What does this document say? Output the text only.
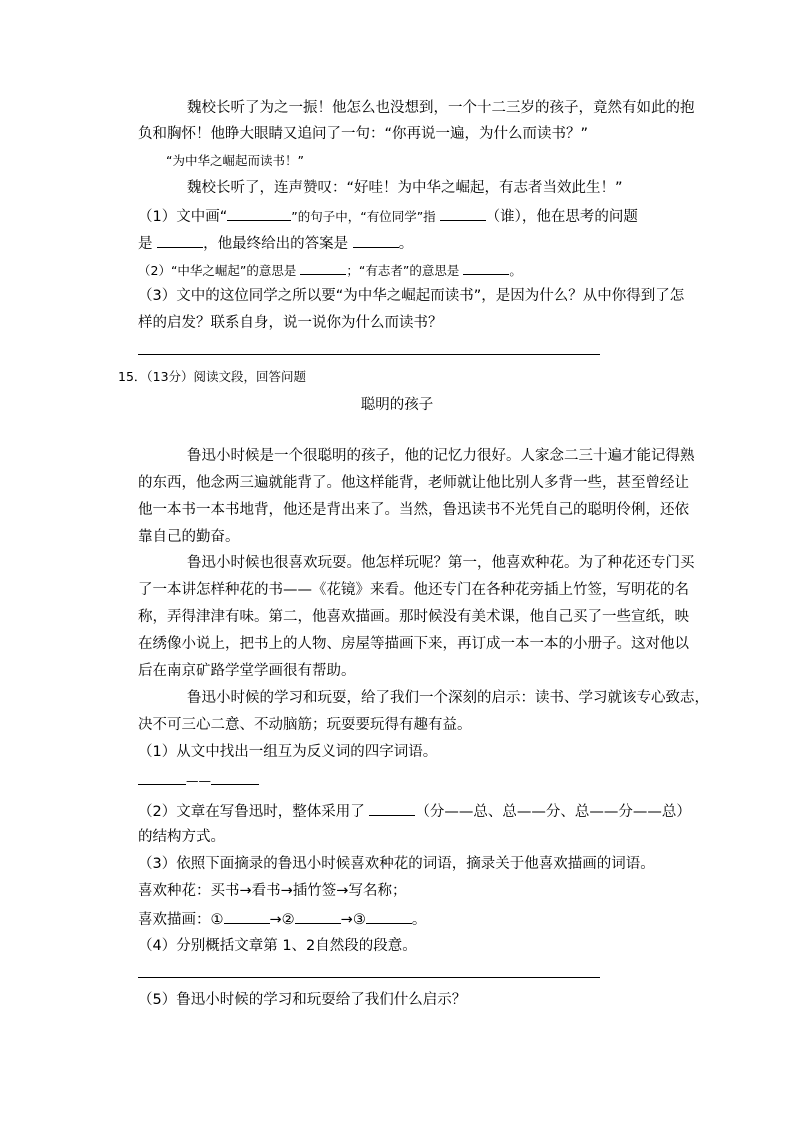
魏校长听了为之一振！他怎么也没想到，一个十二三岁的孩子，竟然有如此的抱
负和胸怀！他睁大眼睛又追问了一句：“你再说一遍，为什么而读书？”
“为中华之崛起而读书！”
魏校长听了，连声赞叹：“好哇！为中华之崛起，有志者当效此生！”
（1）文中画“	”的句子中，“有位同学”指	（谁），他在思考的问题
是	，他最终给出的答案是	。
（2）“中华之崛起”的意思是	；“有志者”的意思是	。
（3）文中的这位同学之所以要“为中华之崛起而读书”，是因为什么？从中你得到了怎
样的启发？联系自身，说一说你为什么而读书？
15．（13分）阅读文段，回答问题
聪明的孩子
鲁迅小时候是一个很聪明的孩子，他的记忆力很好。人家念二三十遍才能记得熟
的东西，他念两三遍就能背了。他这样能背，老师就让他比别人多背一些，甚至曾经让
他一本书一本书地背，他还是背出来了。当然，鲁迅读书不光凭自己的聪明伶俐，还依
靠自己的勤奋。
鲁迅小时候也很喜欢玩耍。他怎样玩呢？第一，他喜欢种花。为了种花还专门买
了一本讲怎样种花的书——《花镜》来看。他还专门在各种花旁插上竹签，写明花的名
称，弄得津津有味。第二，他喜欢描画。那时候没有美术课，他自己买了一些宣纸，映
在绣像小说上，把书上的人物、房屋等描画下来，再订成一本一本的小册子。这对他以
后在南京矿路学堂学画很有帮助。
鲁迅小时候的学习和玩耍，给了我们一个深刻的启示：读书、学习就该专心致志，
决不可三心二意、不动脑筋；玩耍要玩得有趣有益。
（1）从文中找出一组互为反义词的四字词语。
——
（2）文章在写鲁迅时，整体采用了	（分——总、总——分、总——分——总）
的结构方式。
（3）依照下面摘录的鲁迅小时候喜欢种花的词语，摘录关于他喜欢描画的词语。
喜欢种花：买书→看书→插竹签→写名称；
喜欢描画：①	→②	→③	。
（4）分别概括文章第 1、2自然段的段意。
（5）鲁迅小时候的学习和玩耍给了我们什么启示？
